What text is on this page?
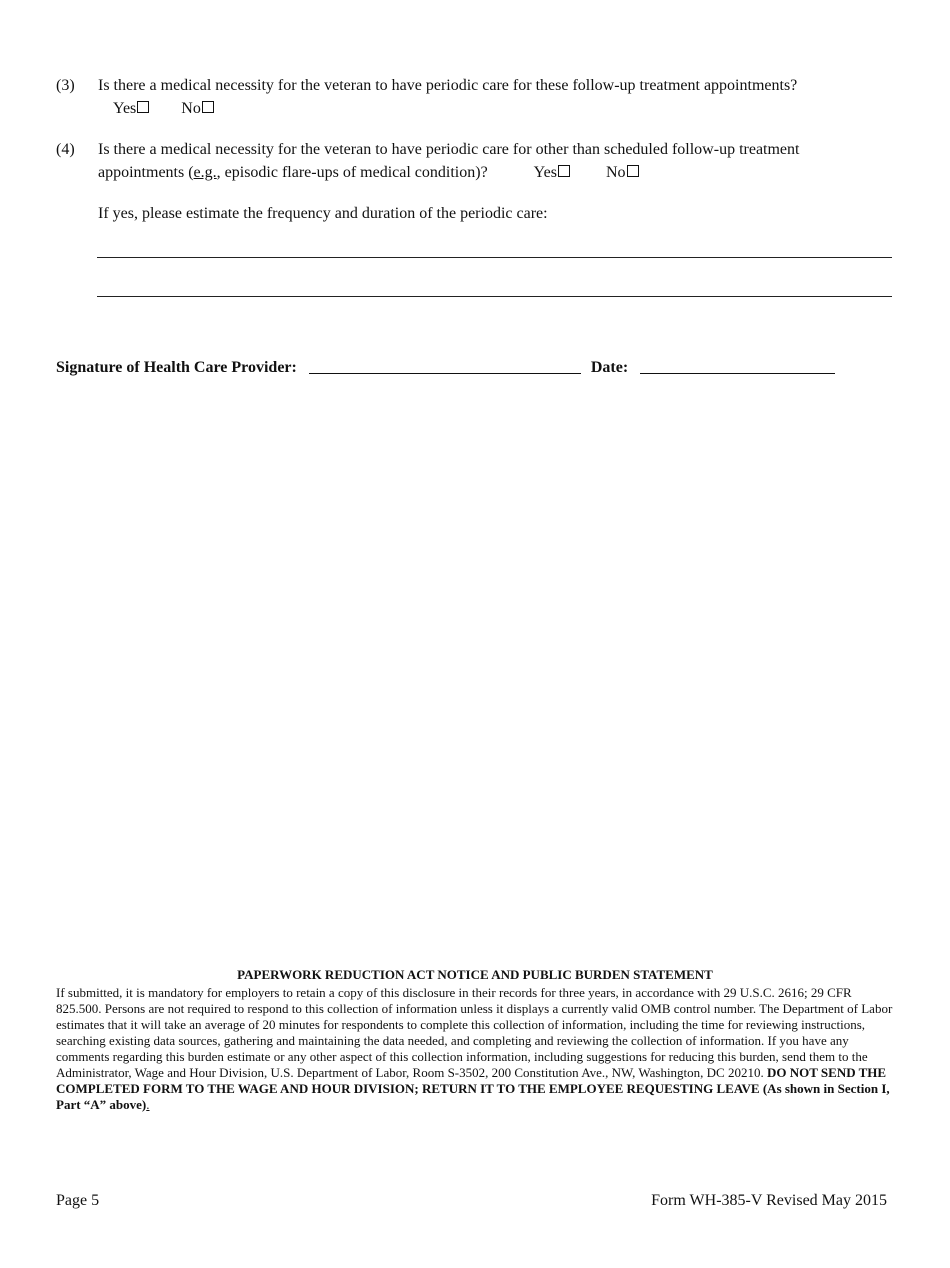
(3) Is there a medical necessity for the veteran to have periodic care for these follow-up treatment appointments?
Yes	No
(4) Is there a medical necessity for the veteran to have periodic care for other than scheduled follow-up treatment
appointments (e.g., episodic flare-ups of medical condition)?	Yes	No
If yes, please estimate the frequency and duration of the periodic care:
Signature of Health Care Provider:	Date:
PAPERWORK REDUCTION ACT NOTICE AND PUBLIC BURDEN STATEMENT
If submitted, it is mandatory for employers to retain a copy of this disclosure in their records for three years, in accordance with 29 U.S.C. 2616; 29 CFR 825.500. Persons are not required to respond to this collection of information unless it displays a currently valid OMB control number. The Department of Labor estimates that it will take an average of 20 minutes for respondents to complete this collection of information, including the time for reviewing instructions, searching existing data sources, gathering and maintaining the data needed, and completing and reviewing the collection of information. If you have any comments regarding this burden estimate or any other aspect of this collection information, including suggestions for reducing this burden, send them to the Administrator, Wage and Hour Division, U.S. Department of Labor, Room S-3502, 200 Constitution Ave., NW, Washington, DC 20210. DO NOT SEND THE COMPLETED FORM TO THE WAGE AND HOUR DIVISION; RETURN IT TO THE EMPLOYEE REQUESTING LEAVE (As shown in Section I, Part “A” above).
Page 5	Form WH-385-V Revised May 2015
